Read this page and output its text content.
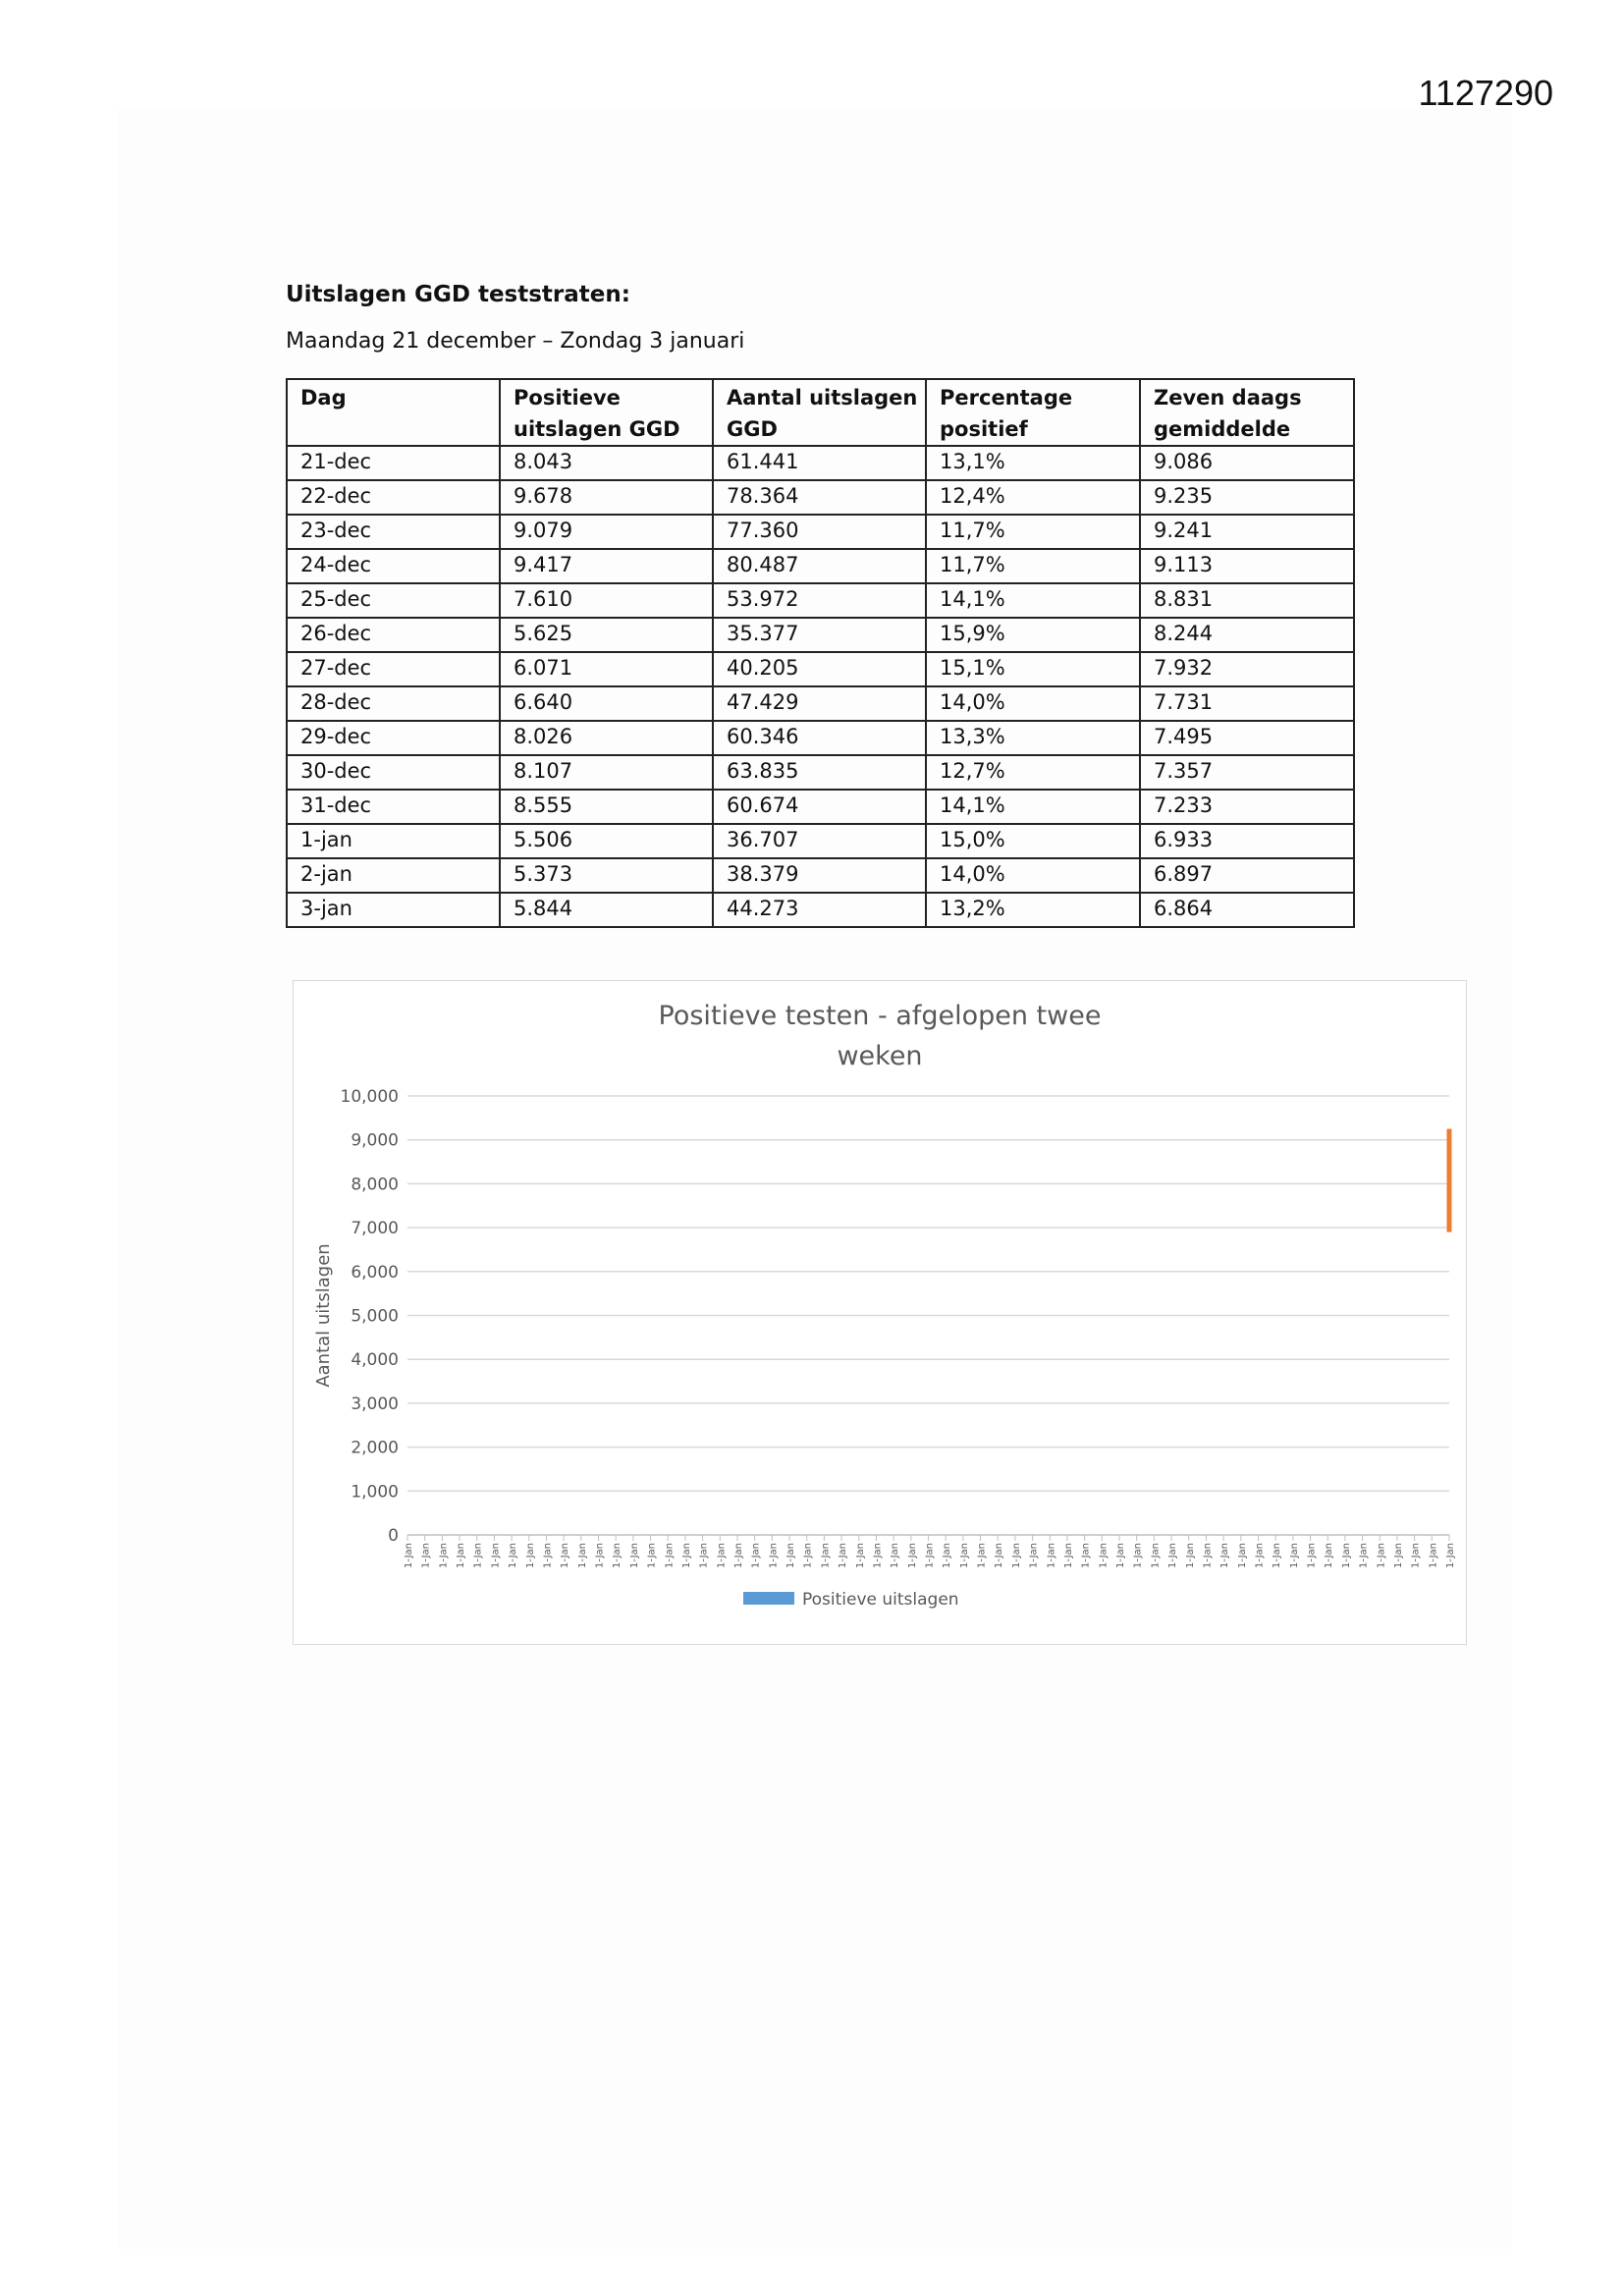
1127290
Uitslagen GGD teststraten:
Maandag 21 december – Zondag 3 januari
Dag	Positieve uitslagen GGD	Aantal uitslagen GGD	Percentage positief	Zeven daags gemiddelde
21-dec	8.043	61.441	13,1%	9.086
22-dec	9.678	78.364	12,4%	9.235
23-dec	9.079	77.360	11,7%	9.241
24-dec	9.417	80.487	11,7%	9.113
25-dec	7.610	53.972	14,1%	8.831
26-dec	5.625	35.377	15,9%	8.244
27-dec	6.071	40.205	15,1%	7.932
28-dec	6.640	47.429	14,0%	7.731
29-dec	8.026	60.346	13,3%	7.495
30-dec	8.107	63.835	12,7%	7.357
31-dec	8.555	60.674	14,1%	7.233
1-jan	5.506	36.707	15,0%	6.933
2-jan	5.373	38.379	14,0%	6.897
3-jan	5.844	44.273	13,2%	6.864
Positieve testen - afgelopen twee
weken
0
1,000
2,000
3,000
4,000
5,000
6,000
7,000
8,000
9,000
10,000
Aantal uitslagen
1-Jan 1-Jan 1-Jan 1-Jan 1-Jan 1-Jan 1-Jan 1-Jan 1-Jan 1-Jan 1-Jan 1-Jan 1-Jan 1-Jan 1-Jan 1-Jan 1-Jan 1-Jan 1-Jan 1-Jan 1-Jan 1-Jan 1-Jan 1-Jan 1-Jan 1-Jan 1-Jan 1-Jan 1-Jan 1-Jan 1-Jan 1-Jan 1-Jan 1-Jan 1-Jan 1-Jan 1-Jan 1-Jan 1-Jan 1-Jan 1-Jan 1-Jan 1-Jan 1-Jan 1-Jan 1-Jan 1-Jan 1-Jan 1-Jan 1-Jan 1-Jan 1-Jan 1-Jan 1-Jan 1-Jan 1-Jan 1-Jan 1-Jan 1-Jan 1-Jan 1-Jan
Positieve uitslagen
